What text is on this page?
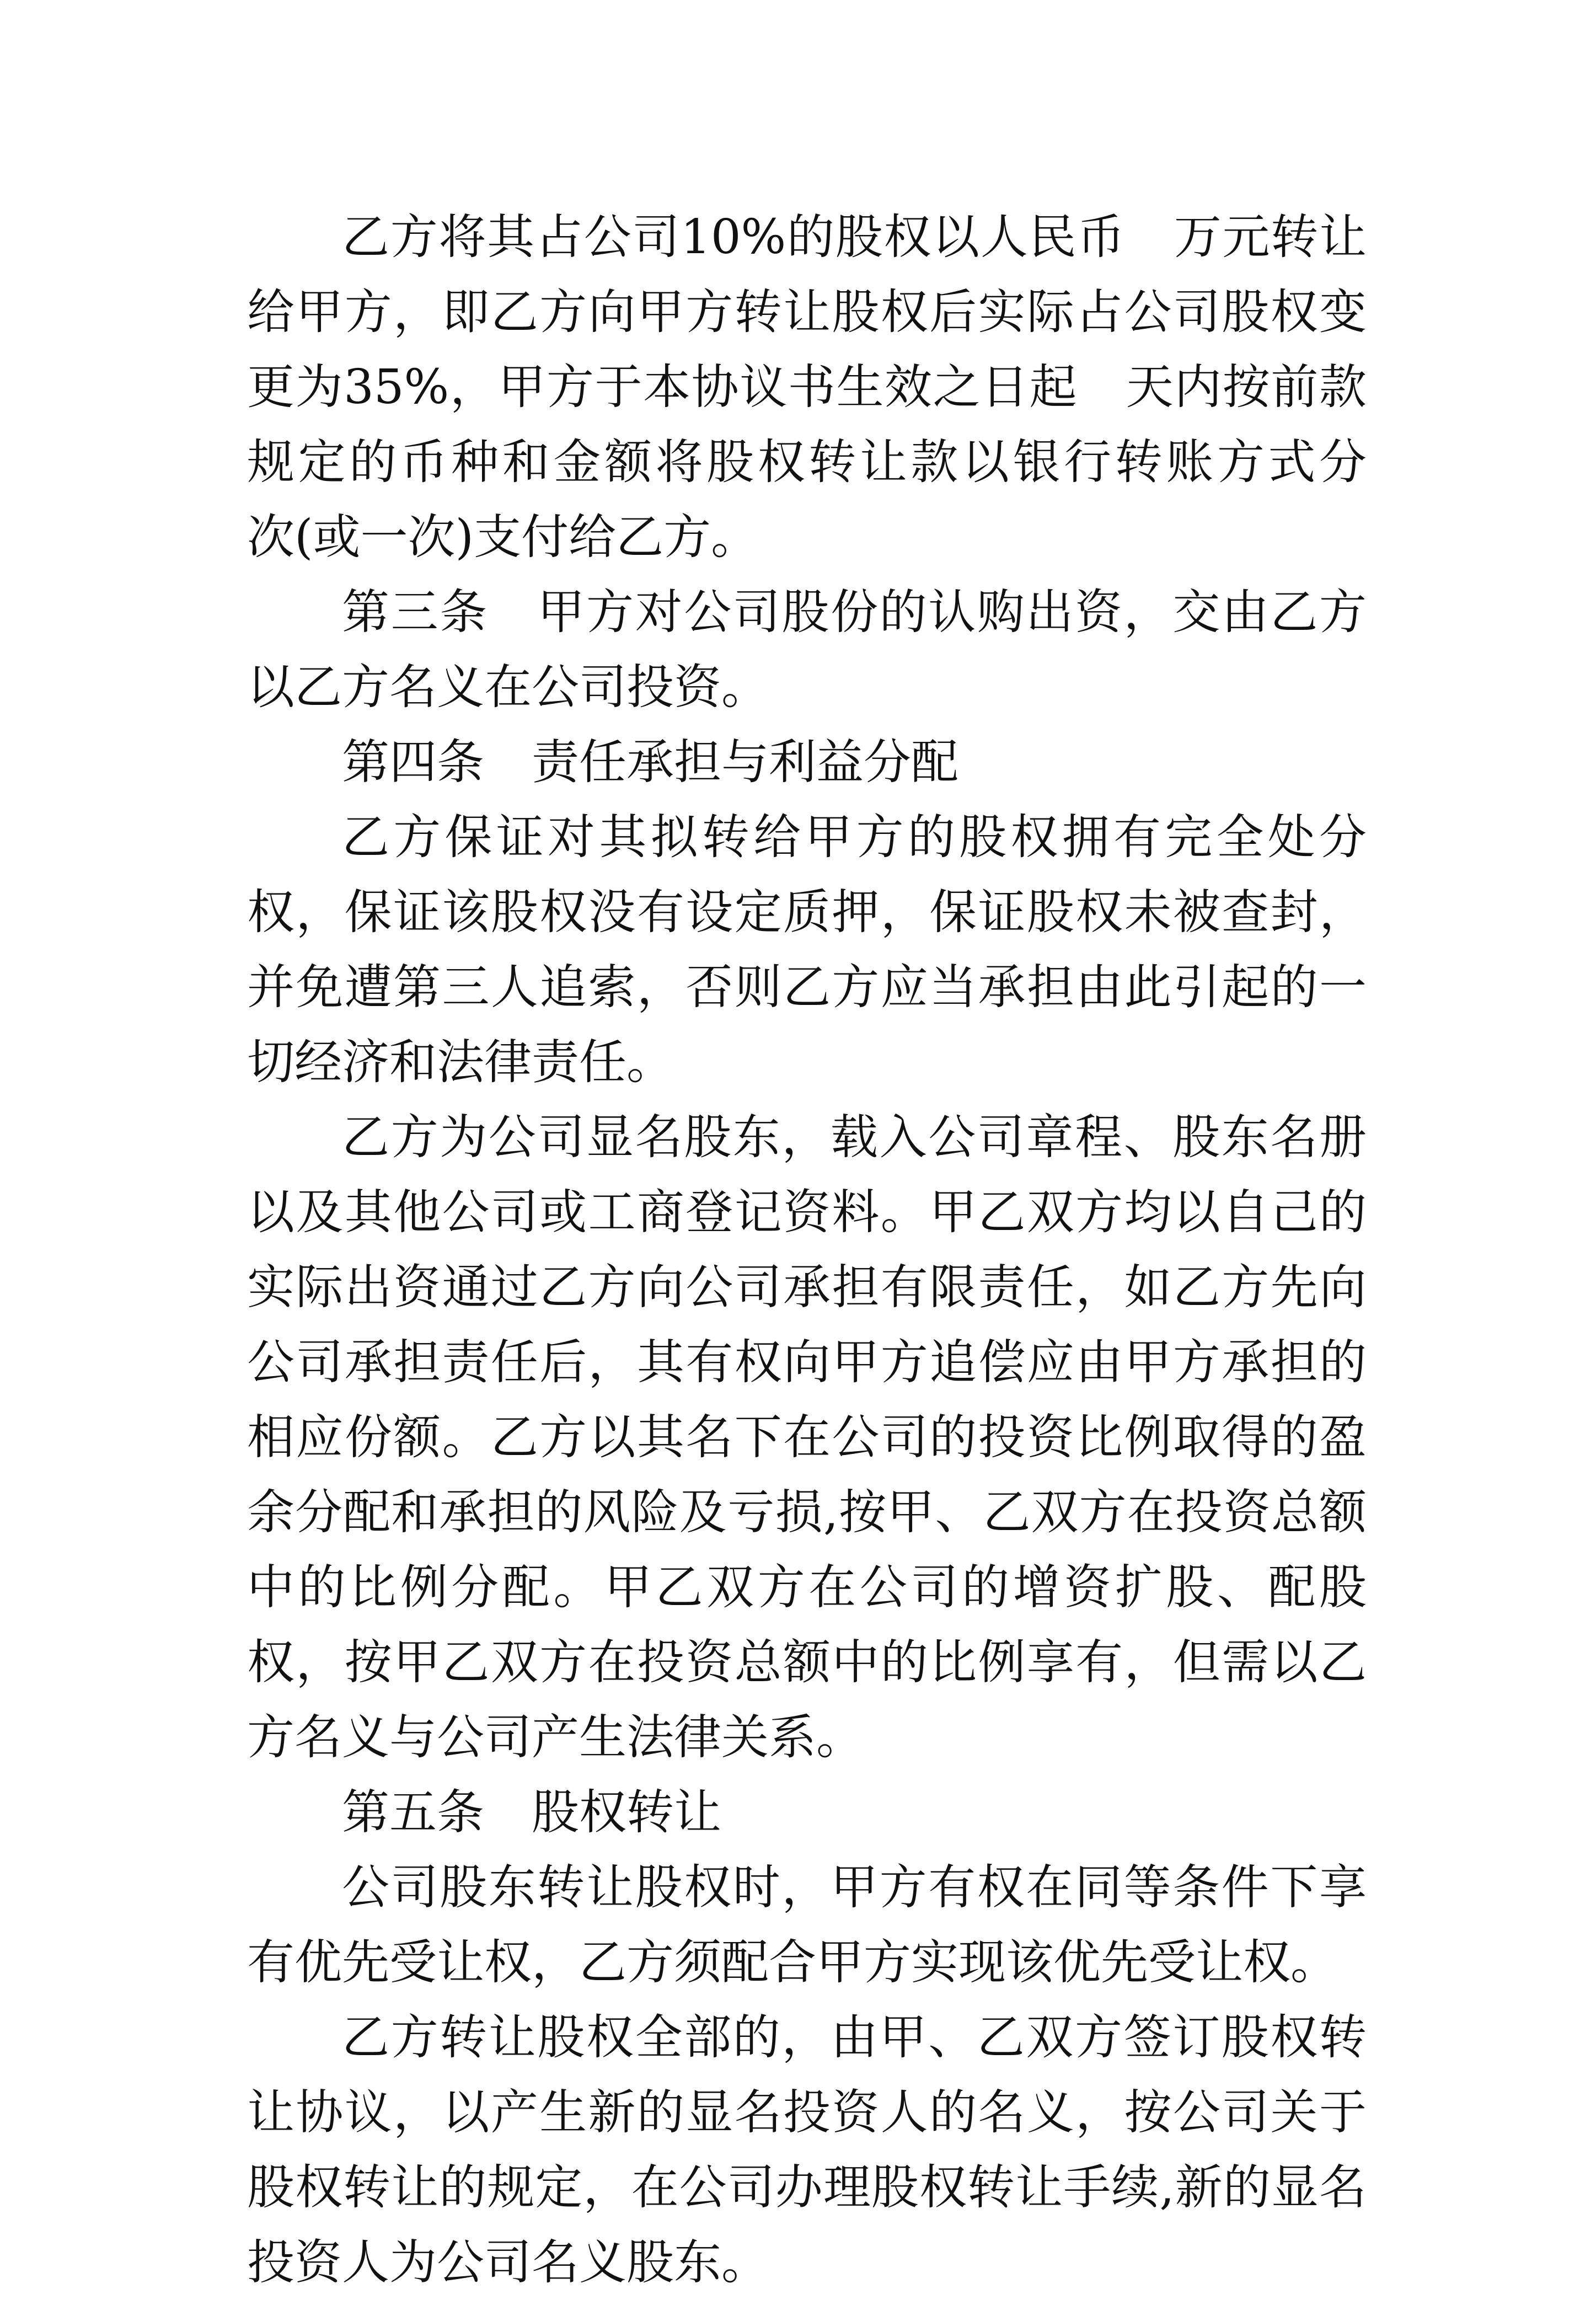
乙方将其占公司10%的股权以人民币　万元转让给甲方，即乙方向甲方转让股权后实际占公司股权变更为35%，甲方于本协议书生效之日起　天内按前款规定的币种和金额将股权转让款以银行转账方式分　次(或一次)支付给乙方。

第三条　甲方对公司股份的认购出资，交由乙方以乙方名义在公司投资。

第四条　责任承担与利益分配

乙方保证对其拟转给甲方的股权拥有完全处分权，保证该股权没有设定质押，保证股权未被查封，并免遭第三人追索，否则乙方应当承担由此引起的一切经济和法律责任。

乙方为公司显名股东，载入公司章程、股东名册以及其他公司或工商登记资料。甲乙双方均以自己的实际出资通过乙方向公司承担有限责任，如乙方先向公司承担责任后，其有权向甲方追偿应由甲方承担的相应份额。乙方以其名下在公司的投资比例取得的盈余分配和承担的风险及亏损,按甲、乙双方在投资总额中的比例分配。甲乙双方在公司的增资扩股、配股权，按甲乙双方在投资总额中的比例享有，但需以乙方名义与公司产生法律关系。

第五条　股权转让

公司股东转让股权时，甲方有权在同等条件下享有优先受让权，乙方须配合甲方实现该优先受让权。

乙方转让股权全部的，由甲、乙双方签订股权转让协议，以产生新的显名投资人的名义，按公司关于股权转让的规定，在公司办理股权转让手续,新的显名投资人为公司名义股东。
